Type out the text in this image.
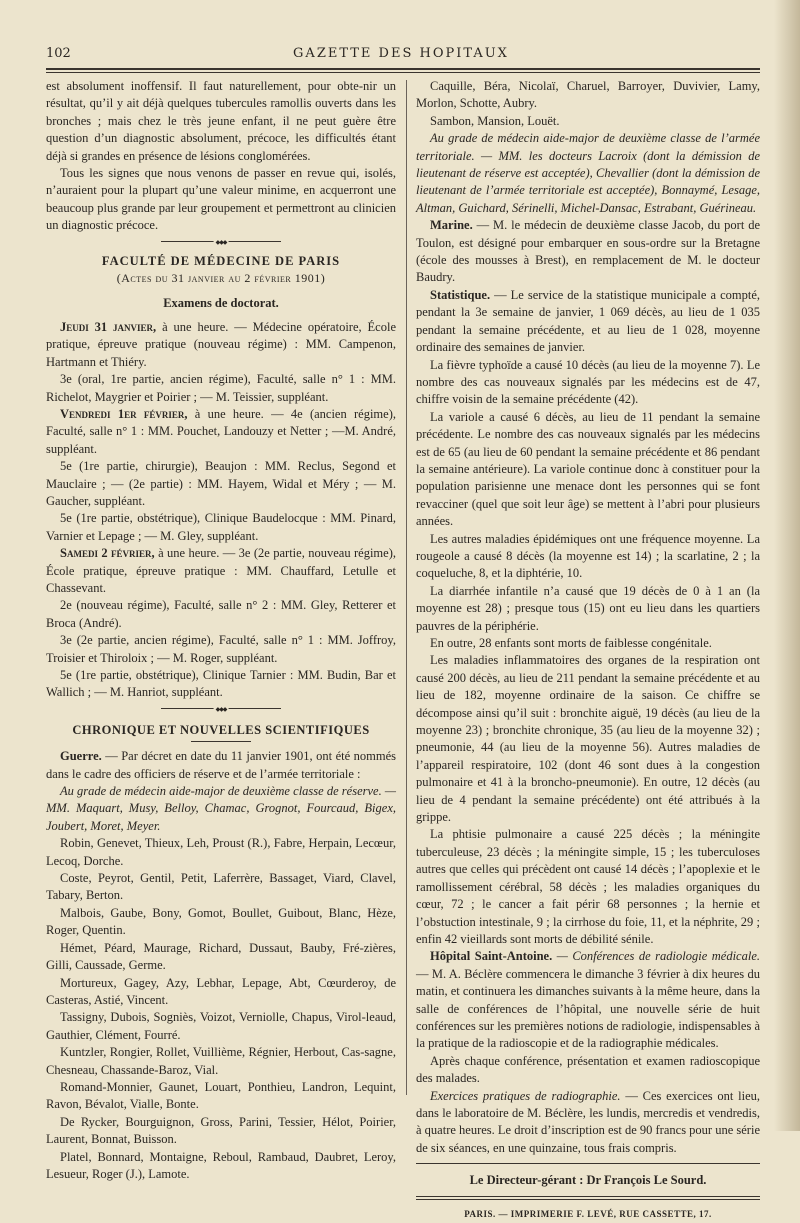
102	GAZETTE DES HOPITAUX

est absolument inoffensif. Il faut naturellement, pour obte-nir un résultat, qu’il y ait déjà quelques tubercules ramollis ouverts dans les bronches ; mais chez le très jeune enfant, il ne peut guère être question d’un diagnostic absolument, précoce, les difficultés étant déjà si grandes en présence de lésions conglomérées.

Tous les signes que nous venons de passer en revue qui, isolés, n’auraient pour la plupart qu’une valeur minime, en acquerront une beaucoup plus grande par leur groupement et permettront au clinicien un diagnostic précoce.

◆◆◆
FACULTÉ DE MÉDECINE DE PARIS
(Actes du 31 janvier au 2 février 1901)
Examens de doctorat.

Jeudi 31 janvier, à une heure. — Médecine opératoire, École pratique, épreuve pratique (nouveau régime) : MM. Campenon, Hartmann et Thiéry.

3e (oral, 1re partie, ancien régime), Faculté, salle n° 1 : MM. Richelot, Maygrier et Poirier ; — M. Teissier, suppléant.

Vendredi 1er février, à une heure. — 4e (ancien régime), Faculté, salle n° 1 : MM. Pouchet, Landouzy et Netter ; —M. André, suppléant.

5e (1re partie, chirurgie), Beaujon : MM. Reclus, Segond et Mauclaire ; — (2e partie) : MM. Hayem, Widal et Méry ; — M. Gaucher, suppléant.

5e (1re partie, obstétrique), Clinique Baudelocque : MM. Pinard, Varnier et Lepage ; — M. Gley, suppléant.

Samedi 2 février, à une heure. — 3e (2e partie, nouveau régime), École pratique, épreuve pratique : MM. Chauffard, Letulle et Chassevant.

2e (nouveau régime), Faculté, salle n° 2 : MM. Gley, Retterer et Broca (André).

3e (2e partie, ancien régime), Faculté, salle n° 1 : MM. Joffroy, Troisier et Thiroloix ; — M. Roger, suppléant.

5e (1re partie, obstétrique), Clinique Tarnier : MM. Budin, Bar et Wallich ; — M. Hanriot, suppléant.

◆◆◆
CHRONIQUE ET NOUVELLES SCIENTIFIQUES

Guerre. — Par décret en date du 11 janvier 1901, ont été nommés dans le cadre des officiers de réserve et de l’armée territoriale :

Au grade de médecin aide-major de deuxième classe de réserve. — MM. Maquart, Musy, Belloy, Chamac, Grognot, Fourcaud, Bigex, Joubert, Moret, Meyer.

Robin, Genevet, Thieux, Leh, Proust (R.), Fabre, Herpain, Lecœur, Lecoq, Dorche.

Coste, Peyrot, Gentil, Petit, Laferrère, Bassaget, Viard, Clavel, Tabary, Berton.

Malbois, Gaube, Bony, Gomot, Boullet, Guibout, Blanc, Hèze, Roger, Quentin.

Hémet, Péard, Maurage, Richard, Dussaut, Bauby, Fré-zières, Gilli, Caussade, Germe.

Mortureux, Gagey, Azy, Lebhar, Lepage, Abt, Cœurderoy, de Casteras, Astié, Vincent.

Tassigny, Dubois, Sogniès, Voizot, Verniolle, Chapus, Virol-leaud, Gauthier, Clément, Fourré.

Kuntzler, Rongier, Rollet, Vuillième, Régnier, Herbout, Cas-sagne, Chesneau, Chassande-Baroz, Vial.

Romand-Monnier, Gaunet, Louart, Ponthieu, Landron, Lequint, Ravon, Bévalot, Vialle, Bonte.

De Rycker, Bourguignon, Gross, Parini, Tessier, Hélot, Poirier, Laurent, Bonnat, Buisson.

Platel, Bonnard, Montaigne, Reboul, Rambaud, Daubret, Leroy, Lesueur, Roger (J.), Lamote.

Caquille, Béra, Nicolaï, Charuel, Barroyer, Duvivier, Lamy, Morlon, Schotte, Aubry.

Sambon, Mansion, Louët.

Au grade de médecin aide-major de deuxième classe de l’armée territoriale. — MM. les docteurs Lacroix (dont la démission de lieutenant de réserve est acceptée), Chevallier (dont la démission de lieutenant de l’armée territoriale est acceptée), Bonnaymé, Lesage, Altman, Guichard, Sérinelli, Michel-Dansac, Estrabant, Guérineau.

Marine. — M. le médecin de deuxième classe Jacob, du port de Toulon, est désigné pour embarquer en sous-ordre sur la Bretagne (école des mousses à Brest), en remplacement de M. le docteur Baudry.

Statistique. — Le service de la statistique municipale a compté, pendant la 3e semaine de janvier, 1 069 décès, au lieu de 1 035 pendant la semaine précédente, et au lieu de 1 028, moyenne ordinaire des semaines de janvier.

La fièvre typhoïde a causé 10 décès (au lieu de la moyenne 7). Le nombre des cas nouveaux signalés par les médecins est de 47, chiffre voisin de la semaine précédente (42).

La variole a causé 6 décès, au lieu de 11 pendant la semaine précédente. Le nombre des cas nouveaux signalés par les médecins est de 65 (au lieu de 60 pendant la semaine précédente et 86 pendant la semaine antérieure). La variole continue donc à constituer pour la population parisienne une menace dont les personnes qui se font revacciner (quel que soit leur âge) se mettent à l’abri pour plusieurs années.

Les autres maladies épidémiques ont une fréquence moyenne. La rougeole a causé 8 décès (la moyenne est 14) ; la scarlatine, 2 ; la coqueluche, 8, et la diphtérie, 10.

La diarrhée infantile n’a causé que 19 décès de 0 à 1 an (la moyenne est 28) ; presque tous (15) ont eu lieu dans les quartiers pauvres de la périphérie.

En outre, 28 enfants sont morts de faiblesse congénitale.

Les maladies inflammatoires des organes de la respiration ont causé 200 décès, au lieu de 211 pendant la semaine précédente et au lieu de 182, moyenne ordinaire de la saison. Ce chiffre se décompose ainsi qu’il suit : bronchite aiguë, 19 décès (au lieu de la moyenne 23) ; bronchite chronique, 35 (au lieu de la moyenne 32) ; pneumonie, 44 (au lieu de la moyenne 56). Autres maladies de l’appareil respiratoire, 102 (dont 46 sont dues à la congestion pulmonaire et 41 à la broncho-pneumonie). En outre, 12 décès (au lieu de 4 pendant la semaine précédente) ont été attribués à la grippe.

La phtisie pulmonaire a causé 225 décès ; la méningite tuberculeuse, 23 décès ; la méningite simple, 15 ; les tuberculoses autres que celles qui précèdent ont causé 14 décès ; l’apoplexie et le ramollissement cérébral, 58 décès ; les maladies organiques du cœur, 72 ; le cancer a fait périr 68 personnes ; la hernie et l’obstuction intestinale, 9 ; la cirrhose du foie, 11, et la néphrite, 29 ; enfin 42 vieillards sont morts de débilité sénile.

Hôpital Saint-Antoine. — Conférences de radiologie médicale. — M. A. Béclère commencera le dimanche 3 février à dix heures du matin, et continuera les dimanches suivants à la même heure, dans la salle de conférences de l’hôpital, une nouvelle série de huit conférences sur les premières notions de radiologie, indispensables à la pratique de la radioscopie et de la radiographie médicales.

Après chaque conférence, présentation et examen radioscopique des malades.

Exercices pratiques de radiographie. — Ces exercices ont lieu, dans le laboratoire de M. Béclère, les lundis, mercredis et vendredis, à quatre heures. Le droit d’inscription est de 90 francs pour une série de six séances, en une quinzaine, tous frais compris.

Le Directeur-gérant : Dr François Le Sourd.
PARIS. — IMPRIMERIE F. LEVÉ, RUE CASSETTE, 17.
